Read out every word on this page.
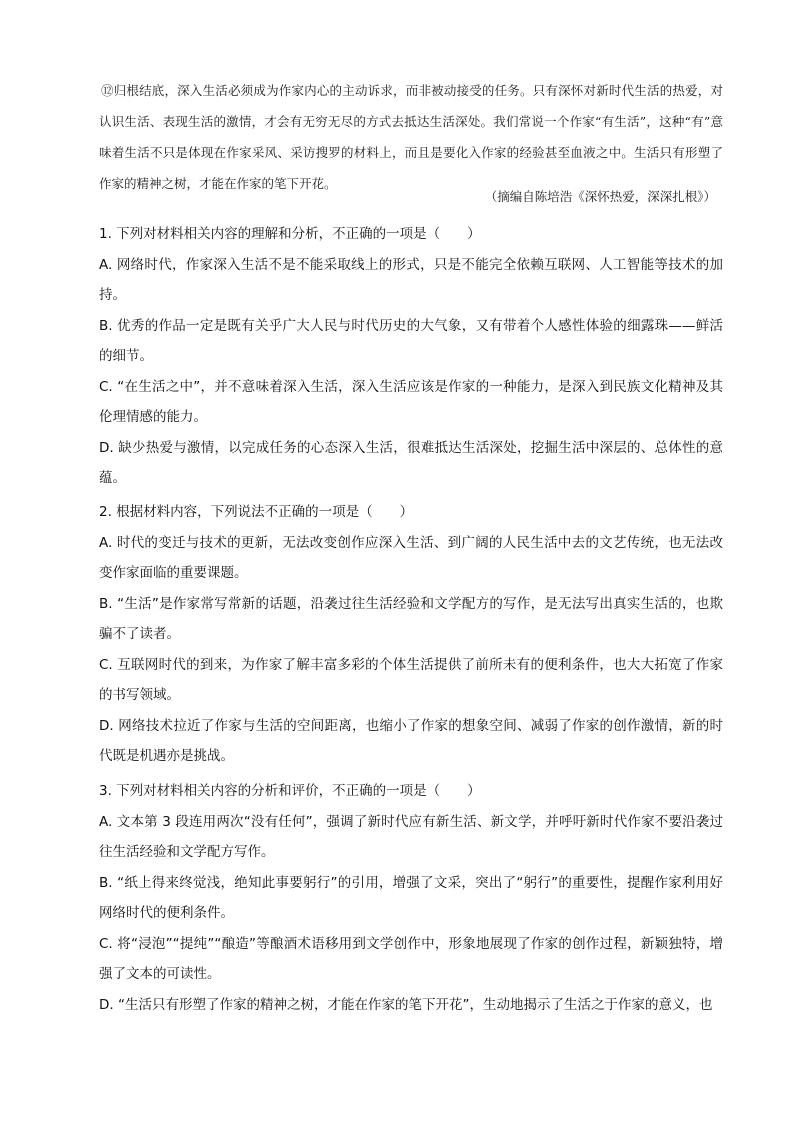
⑫归根结底，深入生活必须成为作家内心的主动诉求，而非被动接受的任务。只有深怀对新时代生活的热爱，对认识生活、表现生活的激情，才会有无穷无尽的方式去抵达生活深处。我们常说一个作家“有生活”，这种“有”意味着生活不只是体现在作家采风、采访搜罗的材料上，而且是要化入作家的经验甚至血液之中。生活只有形塑了作家的精神之树，才能在作家的笔下开花。

（摘编自陈培浩《深怀热爱，深深扎根》）

1. 下列对材料相关内容的理解和分析，不正确的一项是（　　）

A. 网络时代，作家深入生活不是不能采取线上的形式，只是不能完全依赖互联网、人工智能等技术的加持。

B. 优秀的作品一定是既有关乎广大人民与时代历史的大气象，又有带着个人感性体验的细露珠——鲜活的细节。

C. “在生活之中”，并不意味着深入生活，深入生活应该是作家的一种能力，是深入到民族文化精神及其伦理情感的能力。

D. 缺少热爱与激情，以完成任务的心态深入生活，很难抵达生活深处，挖掘生活中深层的、总体性的意蕴。

2. 根据材料内容，下列说法不正确的一项是（　　）

A. 时代的变迁与技术的更新，无法改变创作应深入生活、到广阔的人民生活中去的文艺传统，也无法改变作家面临的重要课题。

B. “生活”是作家常写常新的话题，沿袭过往生活经验和文学配方的写作，是无法写出真实生活的，也欺骗不了读者。

C. 互联网时代的到来，为作家了解丰富多彩的个体生活提供了前所未有的便利条件，也大大拓宽了作家的书写领域。

D. 网络技术拉近了作家与生活的空间距离，也缩小了作家的想象空间、减弱了作家的创作激情，新的时代既是机遇亦是挑战。

3. 下列对材料相关内容的分析和评价，不正确的一项是（　　）

A. 文本第 3 段连用两次“没有任何”，强调了新时代应有新生活、新文学，并呼吁新时代作家不要沿袭过往生活经验和文学配方写作。

B. “纸上得来终觉浅，绝知此事要躬行”的引用，增强了文采，突出了“躬行”的重要性，提醒作家利用好网络时代的便利条件。

C. 将“浸泡”“提纯”“酿造”等酿酒术语移用到文学创作中，形象地展现了作家的创作过程，新颖独特，增强了文本的可读性。

D. “生活只有形塑了作家的精神之树，才能在作家的笔下开花”，生动地揭示了生活之于作家的意义，也
